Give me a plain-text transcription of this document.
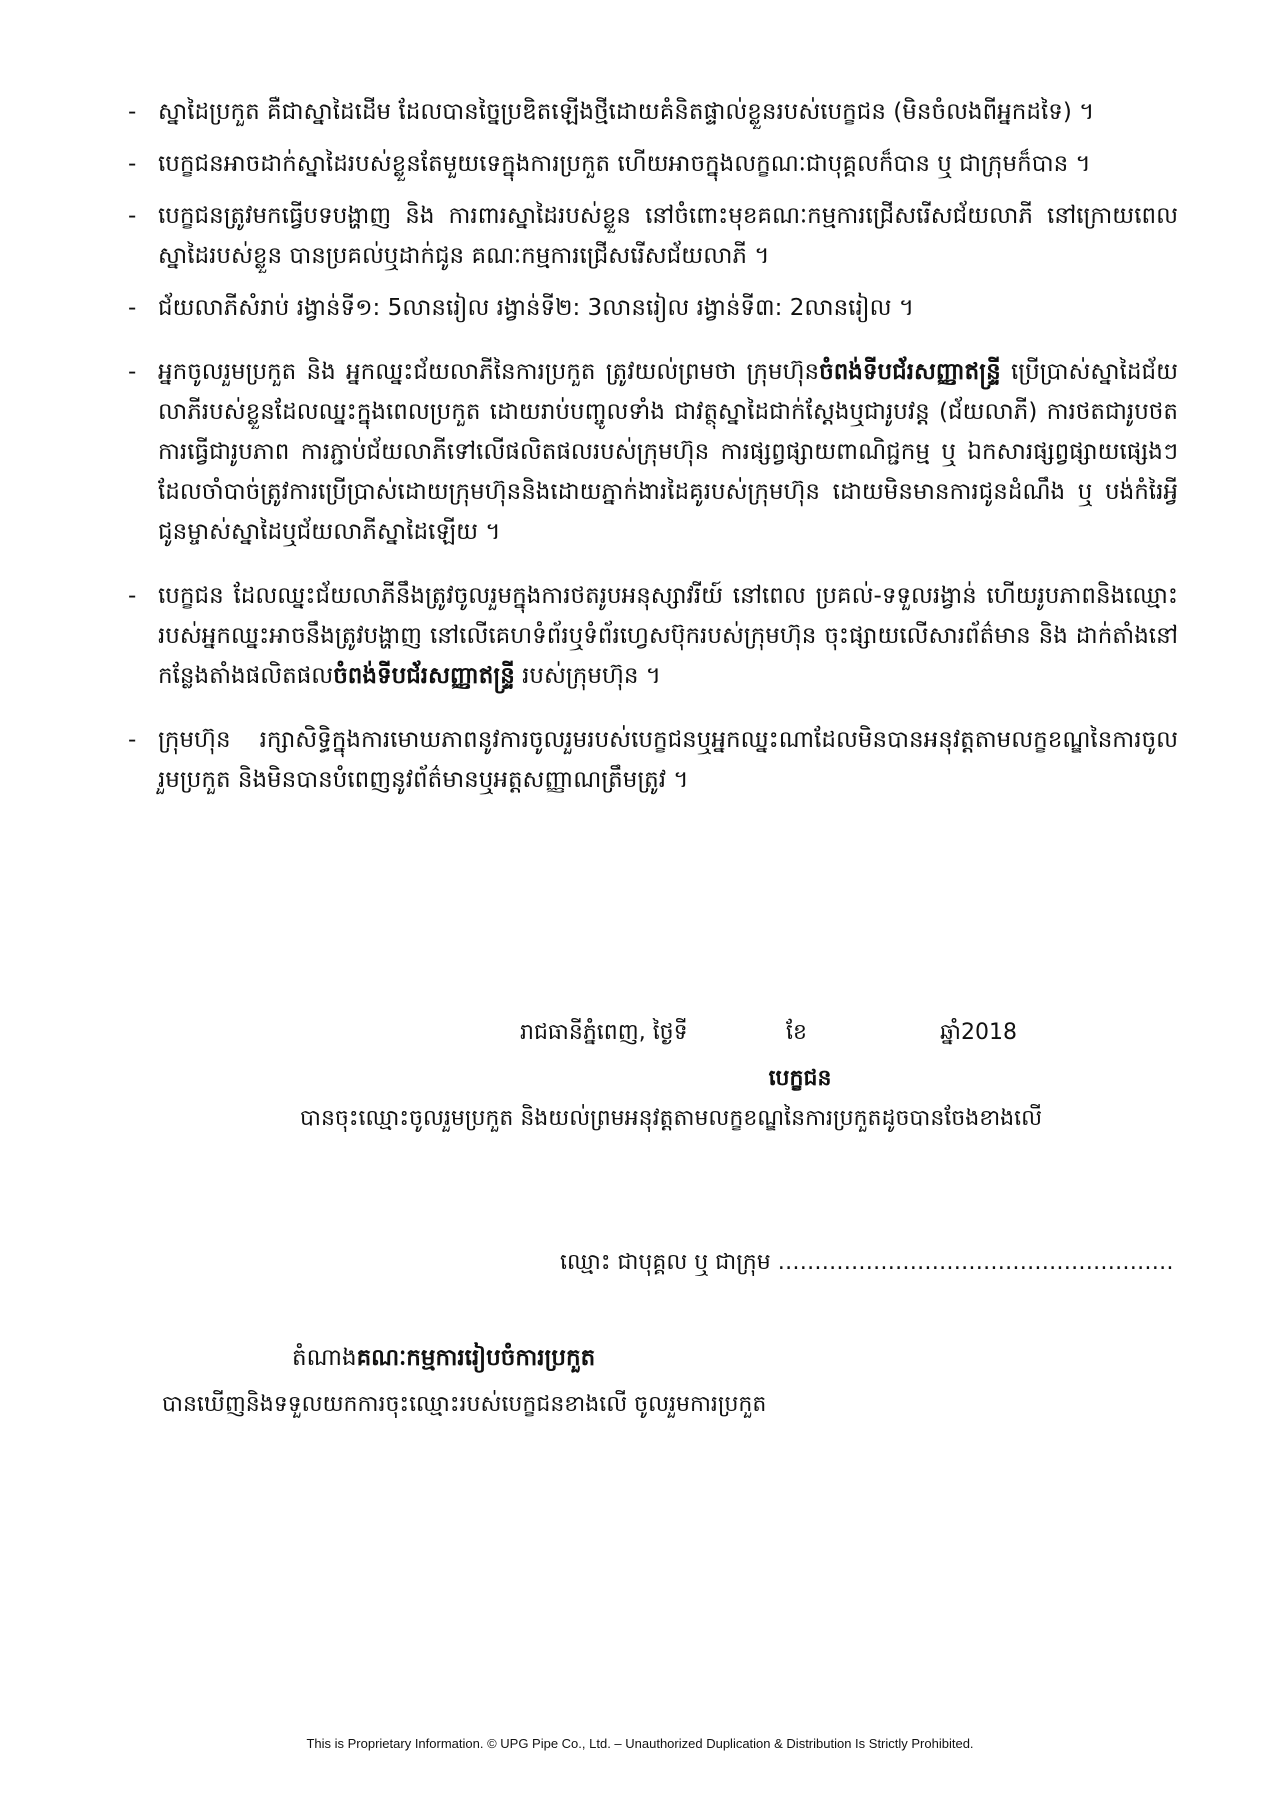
- ស្នាដៃប្រកួត គឺជាស្នាដៃដើម ដែលបានច្នៃប្រឌិតឡើងថ្មីដោយគំនិតផ្ទាល់ខ្លួនរបស់បេក្ខជន (មិនចំលងពីអ្នកដទៃ) ។
- បេក្ខជនអាចដាក់ស្នាដៃរបស់ខ្លួនតែមួយទេក្នុងការប្រកួត ហើយអាចក្នុងលក្ខណៈជាបុគ្គលក៏បាន ឬ ជាក្រុមក៏បាន ។
- បេក្ខជនត្រូវមកធ្វើបទបង្ហាញ និង ការពារស្នាដៃរបស់ខ្លួន នៅចំពោះមុខគណៈកម្មការជ្រើសរើសជ័យលាភី នៅក្រោយពេលស្នាដៃរបស់ខ្លួន បានប្រគល់ឬដាក់ជូន គណៈកម្មការជ្រើសរើសជ័យលាភី ។
- ជ័យលាភីសំរាប់ រង្វាន់ទី១: 5លានរៀល រង្វាន់ទី២: 3លានរៀល រង្វាន់ទី៣: 2លានរៀល ។
- អ្នកចូលរួមប្រកួត និង អ្នកឈ្នះជ័យលាភីនៃការប្រកួត ត្រូវយល់ព្រមថា ក្រុមហ៊ុនចំពង់ទីបជ័រសញ្ញាឥន្ទ្រី ប្រើប្រាស់ស្នាដៃជ័យលាភីរបស់ខ្លួនដែលឈ្នះក្នុងពេលប្រកួត ដោយរាប់បញ្ចូលទាំង ជាវត្ថុស្នាដៃជាក់ស្តែងឬជារូបវន្ត (ជ័យលាភី) ការថតជារូបថត ការធ្វើជារូបភាព ការភ្ជាប់ជ័យលាភីទៅលើផលិតផលរបស់ក្រុមហ៊ុន ការផ្សព្វផ្សាយពាណិជ្ជកម្ម ឬ ឯកសារផ្សព្វផ្សាយផ្សេងៗ ដែលចាំបាច់ត្រូវការប្រើប្រាស់ដោយក្រុមហ៊ុននិងដោយភ្នាក់ងារដៃគូរបស់ក្រុមហ៊ុន ដោយមិនមានការជូនដំណឹង ឬ បង់កំរៃអ្វី ជូនម្ចាស់ស្នាដៃឬជ័យលាភីស្នាដៃឡើយ ។
- បេក្ខជន ដែលឈ្នះជ័យលាភីនឹងត្រូវចូលរួមក្នុងការថតរូបអនុស្សាវរីយ៍ នៅពេល ប្រគល់-ទទួលរង្វាន់ ហើយរូបភាពនិងឈ្មោះរបស់អ្នកឈ្នះអាចនឹងត្រូវបង្ហាញ នៅលើគេហទំព័រឬទំព័រហ្វេសប៊ុករបស់ក្រុមហ៊ុន ចុះផ្សាយលើសារព័ត៌មាន និង ដាក់តាំងនៅកន្លែងតាំងផលិតផលចំពង់ទីបជ័រសញ្ញាឥន្ទ្រី របស់ក្រុមហ៊ុន ។
- ក្រុមហ៊ុន រក្សាសិទ្ធិក្នុងការមោឃភាពនូវការចូលរួមរបស់បេក្ខជនឬអ្នកឈ្នះណាដែលមិនបានអនុវត្តតាមលក្ខខណ្ឌនៃការចូលរួមប្រកួត និងមិនបានបំពេញនូវព័ត៌មានឬអត្តសញ្ញាណត្រឹមត្រូវ ។
រាជធានីភ្នំពេញ, ថ្ងៃទី	ខែ	ឆ្នាំ2018
បេក្ខជន
បានចុះឈ្មោះចូលរួមប្រកួត និងយល់ព្រមអនុវត្តតាមលក្ខខណ្ឌនៃការប្រកួតដូចបានចែងខាងលើ
ឈ្មោះ ជាបុគ្គល ឬ ជាក្រុម ………………………………………………
តំណាងគណៈកម្មការរៀបចំការប្រកួត
បានឃើញនិងទទួលយកការចុះឈ្មោះរបស់បេក្ខជនខាងលើ ចូលរួមការប្រកួត
This is Proprietary Information. © UPG Pipe Co., Ltd. – Unauthorized Duplication & Distribution Is Strictly Prohibited.
